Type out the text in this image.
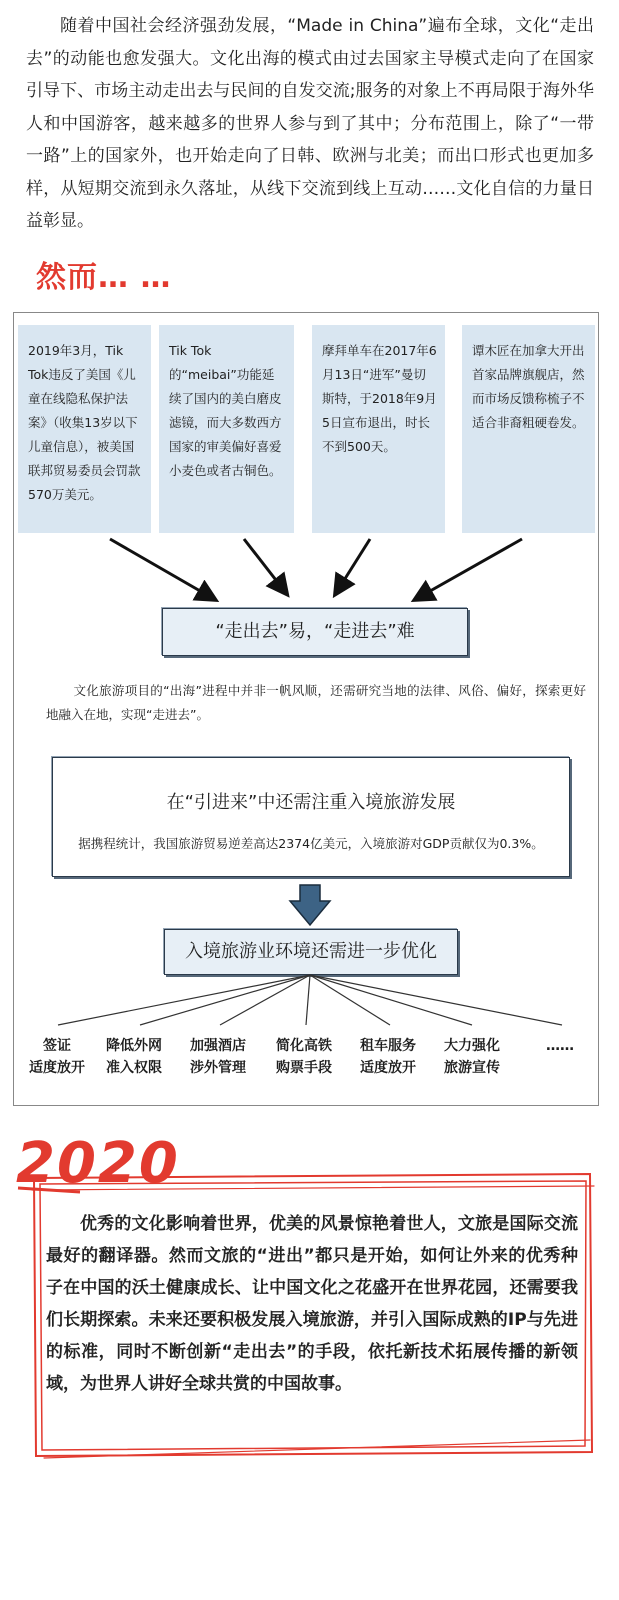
随着中国社会经济强劲发展，“Made in China”遍布全球，文化“走出去”的动能也愈发强大。文化出海的模式由过去国家主导模式走向了在国家引导下、市场主动走出去与民间的自发交流;服务的对象上不再局限于海外华人和中国游客，越来越多的世界人参与到了其中；分布范围上，除了“一带一路”上的国家外，也开始走向了日韩、欧洲与北美；而出口形式也更加多样，从短期交流到永久落址，从线下交流到线上互动……文化自信的力量日益彰显。

然而… …
2019年3月，Tik Tok违反了美国《儿童在线隐私保护法案》（收集13岁以下儿童信息），被美国联邦贸易委员会罚款570万美元。
Tik Tok的“meibai”功能延续了国内的美白磨皮滤镜，而大多数西方国家的审美偏好喜爱小麦色或者古铜色。
摩拜单车在2017年6月13日“进军”曼切斯特，于2018年9月5日宣布退出，时长不到500天。
谭木匠在加拿大开出首家品牌旗舰店，然而市场反馈称梳子不适合非裔粗硬卷发。
“走出去”易，“走进去”难
文化旅游项目的“出海”进程中并非一帆风顺，还需研究当地的法律、风俗、偏好，探索更好地融入在地，实现“走进去”。
在“引进来”中还需注重入境旅游发展
据携程统计，我国旅游贸易逆差高达2374亿美元，入境旅游对GDP贡献仅为0.3%。
入境旅游业环境还需进一步优化
签证
适度放开
降低外网
准入权限
加强酒店
涉外管理
简化高铁
购票手段
租车服务
适度放开
大力强化
旅游宣传
……
2020

优秀的文化影响着世界，优美的风景惊艳着世人，文旅是国际交流最好的翻译器。然而文旅的“进出”都只是开始，如何让外来的优秀种子在中国的沃土健康成长、让中国文化之花盛开在世界花园，还需要我们长期探索。未来还要积极发展入境旅游，并引入国际成熟的IP与先进的标准，同时不断创新“走出去”的手段，依托新技术拓展传播的新领域，为世界人讲好全球共赏的中国故事。
